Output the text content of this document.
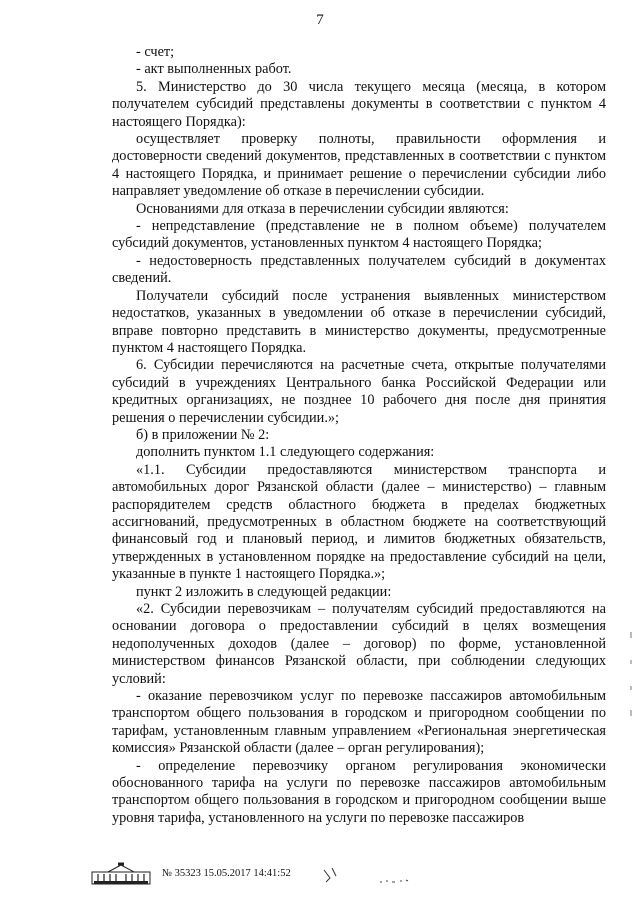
7

- счет;

- акт выполненных работ.

5. Министерство до 30 числа текущего месяца (месяца, в котором получателем субсидий представлены документы в соответствии с пунктом 4 настоящего Порядка):

осуществляет проверку полноты, правильности оформления и достоверности сведений документов, представленных в соответствии с пунктом 4 настоящего Порядка, и принимает решение о перечислении субсидии либо направляет уведомление об отказе в перечислении субсидии.

Основаниями для отказа в перечислении субсидии являются:

- непредставление (представление не в полном объеме) получателем субсидий документов, установленных пунктом 4 настоящего Порядка;

- недостоверность представленных получателем субсидий в документах сведений.

Получатели субсидий после устранения выявленных министерством недостатков, указанных в уведомлении об отказе в перечислении субсидий, вправе повторно представить в министерство документы, предусмотренные пунктом 4 настоящего Порядка.

6. Субсидии перечисляются на расчетные счета, открытые получателями субсидий в учреждениях Центрального банка Российской Федерации или кредитных организациях, не позднее 10 рабочего дня после дня принятия решения о перечислении субсидии.»;

б) в приложении № 2:

дополнить пунктом 1.1 следующего содержания:

«1.1. Субсидии предоставляются министерством транспорта и автомобильных дорог Рязанской области (далее – министерство) – главным распорядителем средств областного бюджета в пределах бюджетных ассигнований, предусмотренных в областном бюджете на соответствующий финансовый год и плановый период, и лимитов бюджетных обязательств, утвержденных в установленном порядке на предоставление субсидий на цели, указанные в пункте 1 настоящего Порядка.»;

пункт 2 изложить в следующей редакции:

«2. Субсидии перевозчикам – получателям субсидий предоставляются на основании договора о предоставлении субсидий в целях возмещения недополученных доходов (далее – договор) по форме, установленной министерством финансов Рязанской области, при соблюдении следующих условий:

- оказание перевозчиком услуг по перевозке пассажиров автомобильным транспортом общего пользования в городском и пригородном сообщении по тарифам, установленным главным управлением «Региональная энергетическая комиссия» Рязанской области (далее – орган регулирования);

- определение перевозчику органом регулирования экономически обоснованного тарифа на услуги по перевозке пассажиров автомобильным транспортом общего пользования в городском и пригородном сообщении выше уровня тарифа, установленного на услуги по перевозке пассажиров

№ 35323 15.05.2017 14:41:52
